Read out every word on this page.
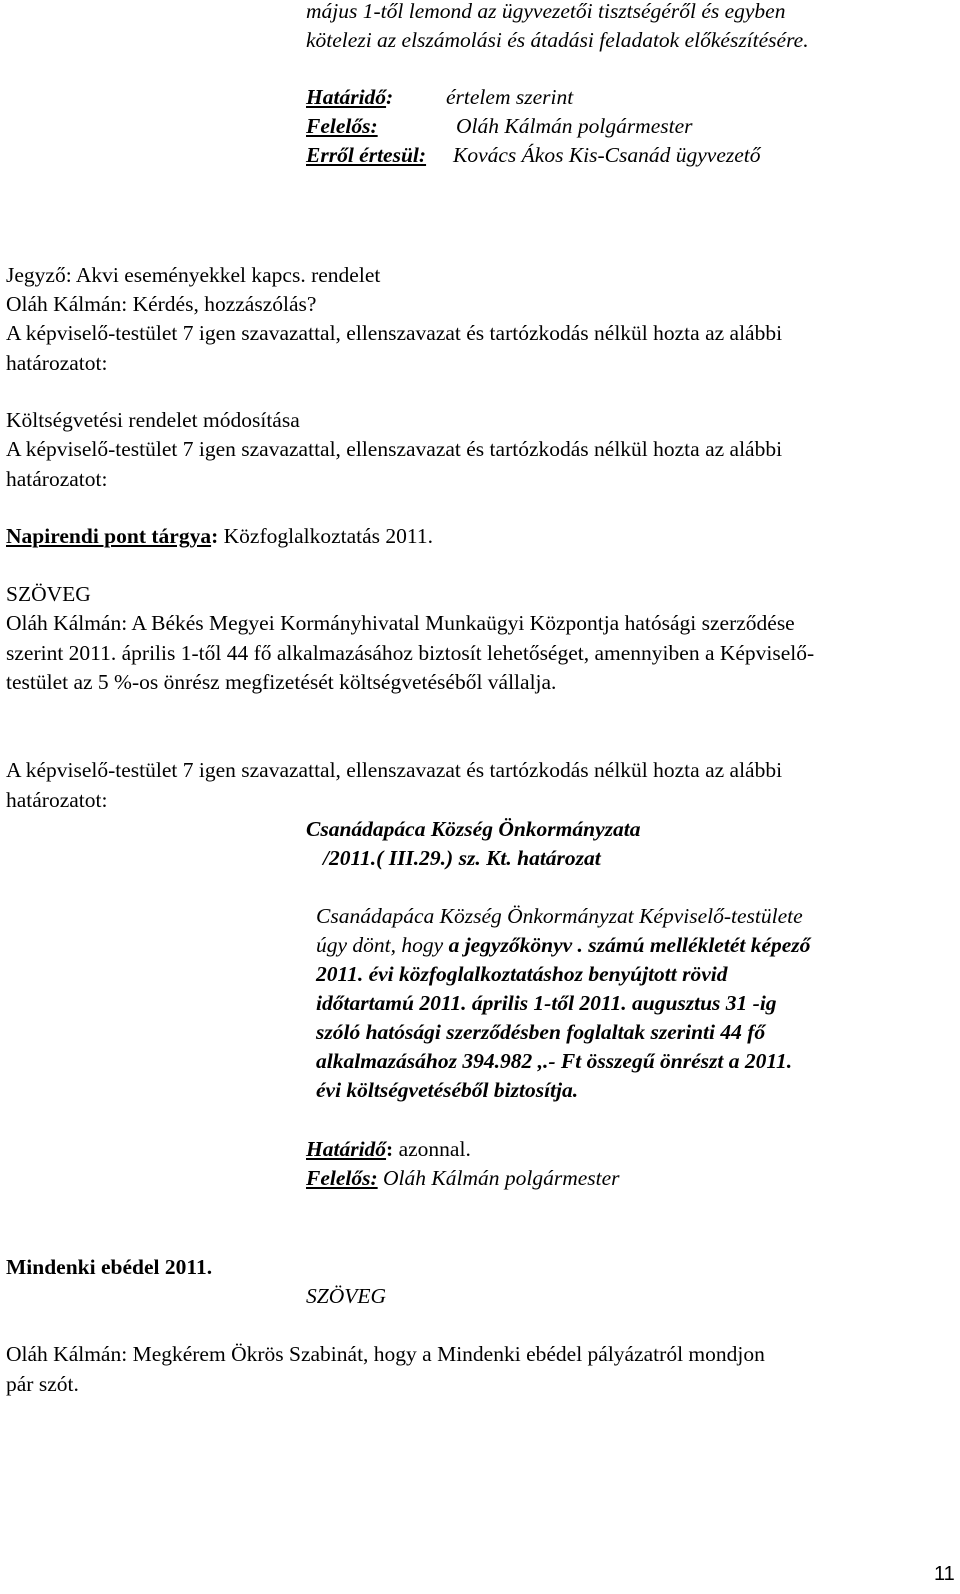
május 1-től lemond az ügyvezetői tisztségéről és egyben
kötelezi az elszámolási és átadási feladatok előkészítésére.
Határidő: értelem szerint
Felelős:	Oláh Kálmán polgármester
Erről értesül: Kovács Ákos Kis-Csanád ügyvezető
Jegyző: Akvi eseményekkel kapcs. rendelet
Oláh Kálmán: Kérdés, hozzászólás?
A képviselő-testület 7 igen szavazattal, ellenszavazat és tartózkodás nélkül hozta az alábbi
határozatot:
Költségvetési rendelet módosítása
A képviselő-testület 7 igen szavazattal, ellenszavazat és tartózkodás nélkül hozta az alábbi
határozatot:
Napirendi pont tárgya: Közfoglalkoztatás 2011.
SZÖVEG
Oláh Kálmán: A Békés Megyei Kormányhivatal Munkaügyi Központja hatósági szerződése
szerint 2011. április 1-től 44 fő alkalmazásához biztosít lehetőséget, amennyiben a Képviselő-
testület az 5 %-os önrész megfizetését költségvetéséből vállalja.
A képviselő-testület 7 igen szavazattal, ellenszavazat és tartózkodás nélkül hozta az alábbi
határozatot:
Csanádapáca Község Önkormányzata
/2011.( III.29.) sz. Kt. határozat
Csanádapáca Község Önkormányzat Képviselő-testülete
úgy dönt, hogy a jegyzőkönyv . számú mellékletét képező
2011. évi közfoglalkoztatáshoz benyújtott rövid
időtartamú 2011. április 1-től 2011. augusztus 31 -ig
szóló hatósági szerződésben foglaltak szerinti 44 fő
alkalmazásához 394.982 ,.- Ft összegű önrészt a 2011.
évi költségvetéséből biztosítja.
Határidő: azonnal.
Felelős: Oláh Kálmán polgármester
Mindenki ebédel 2011.
SZÖVEG
Oláh Kálmán: Megkérem Ökrös Szabinát, hogy a Mindenki ebédel pályázatról mondjon
pár szót.
11
